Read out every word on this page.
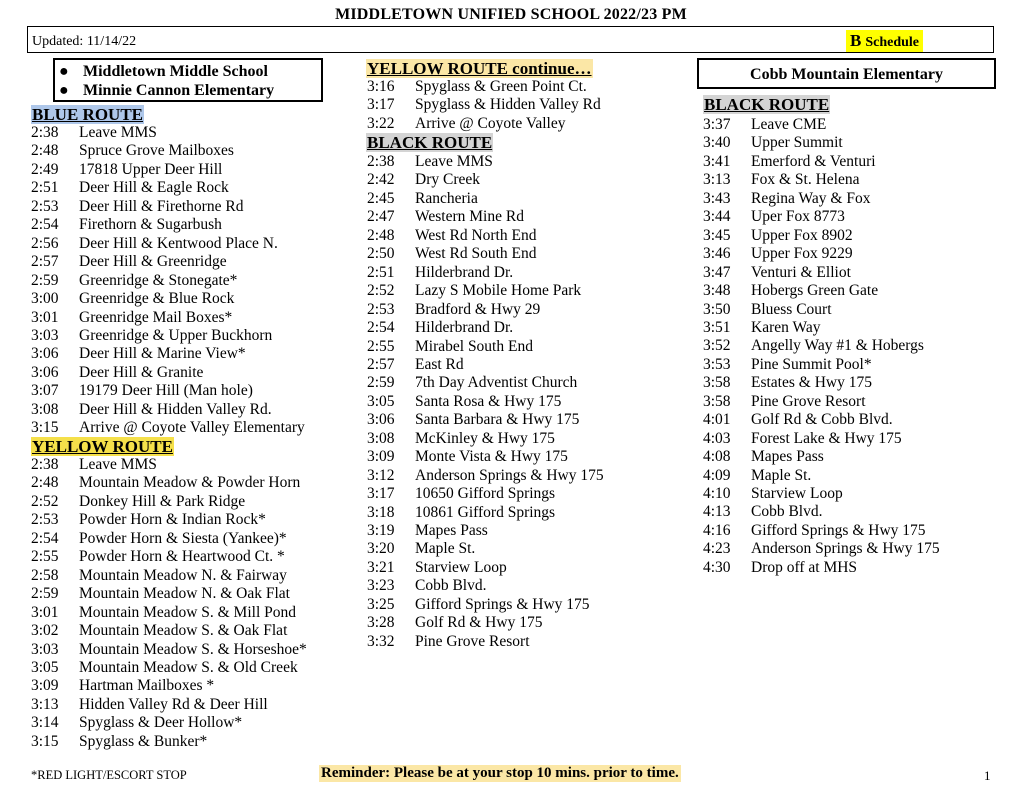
MIDDLETOWN UNIFIED SCHOOL 2022/23 PM
Updated: 11/14/22	B Schedule
● Middletown Middle School
● Minnie Cannon Elementary
Cobb Mountain Elementary
BLUE ROUTE
2:38 Leave MMS
2:48 Spruce Grove Mailboxes
2:49 17818 Upper Deer Hill
2:51 Deer Hill & Eagle Rock
2:53 Deer Hill & Firethorne Rd
2:54 Firethorn & Sugarbush
2:56 Deer Hill & Kentwood Place N.
2:57 Deer Hill & Greenridge
2:59 Greenridge & Stonegate*
3:00 Greenridge & Blue Rock
3:01 Greenridge Mail Boxes*
3:03 Greenridge & Upper Buckhorn
3:06 Deer Hill & Marine View*
3:06 Deer Hill & Granite
3:07 19179 Deer Hill (Man hole)
3:08 Deer Hill & Hidden Valley Rd.
3:15 Arrive @ Coyote Valley Elementary
YELLOW ROUTE
2:38 Leave MMS
2:48 Mountain Meadow & Powder Horn
2:52 Donkey Hill & Park Ridge
2:53 Powder Horn & Indian Rock*
2:54 Powder Horn & Siesta (Yankee)*
2:55 Powder Horn & Heartwood Ct. *
2:58 Mountain Meadow N. & Fairway
2:59 Mountain Meadow N. & Oak Flat
3:01 Mountain Meadow S. & Mill Pond
3:02 Mountain Meadow S. & Oak Flat
3:03 Mountain Meadow S. & Horseshoe*
3:05 Mountain Meadow S. & Old Creek
3:09 Hartman Mailboxes *
3:13 Hidden Valley Rd & Deer Hill
3:14 Spyglass & Deer Hollow*
3:15 Spyglass & Bunker*
YELLOW ROUTE continue…
3:16 Spyglass & Green Point Ct.
3:17 Spyglass & Hidden Valley Rd
3:22 Arrive @ Coyote Valley
BLACK ROUTE
2:38 Leave MMS
2:42 Dry Creek
2:45 Rancheria
2:47 Western Mine Rd
2:48 West Rd North End
2:50 West Rd South End
2:51 Hilderbrand Dr.
2:52 Lazy S Mobile Home Park
2:53 Bradford & Hwy 29
2:54 Hilderbrand Dr.
2:55 Mirabel South End
2:57 East Rd
2:59 7th Day Adventist Church
3:05 Santa Rosa & Hwy 175
3:06 Santa Barbara & Hwy 175
3:08 McKinley & Hwy 175
3:09 Monte Vista & Hwy 175
3:12 Anderson Springs & Hwy 175
3:17 10650 Gifford Springs
3:18 10861 Gifford Springs
3:19 Mapes Pass
3:20 Maple St.
3:21 Starview Loop
3:23 Cobb Blvd.
3:25 Gifford Springs & Hwy 175
3:28 Golf Rd & Hwy 175
3:32 Pine Grove Resort
BLACK ROUTE
3:37 Leave CME
3:40 Upper Summit
3:41 Emerford & Venturi
3:13 Fox & St. Helena
3:43 Regina Way & Fox
3:44 Uper Fox 8773
3:45 Upper Fox 8902
3:46 Upper Fox 9229
3:47 Venturi & Elliot
3:48 Hobergs Green Gate
3:50 Bluess Court
3:51 Karen Way
3:52 Angelly Way #1 & Hobergs
3:53 Pine Summit Pool*
3:58 Estates & Hwy 175
3:58 Pine Grove Resort
4:01 Golf Rd & Cobb Blvd.
4:03 Forest Lake & Hwy 175
4:08 Mapes Pass
4:09 Maple St.
4:10 Starview Loop
4:13 Cobb Blvd.
4:16 Gifford Springs & Hwy 175
4:23 Anderson Springs & Hwy 175
4:30 Drop off at MHS
*RED LIGHT/ESCORT STOP	Reminder: Please be at your stop 10 mins. prior to time.	1
